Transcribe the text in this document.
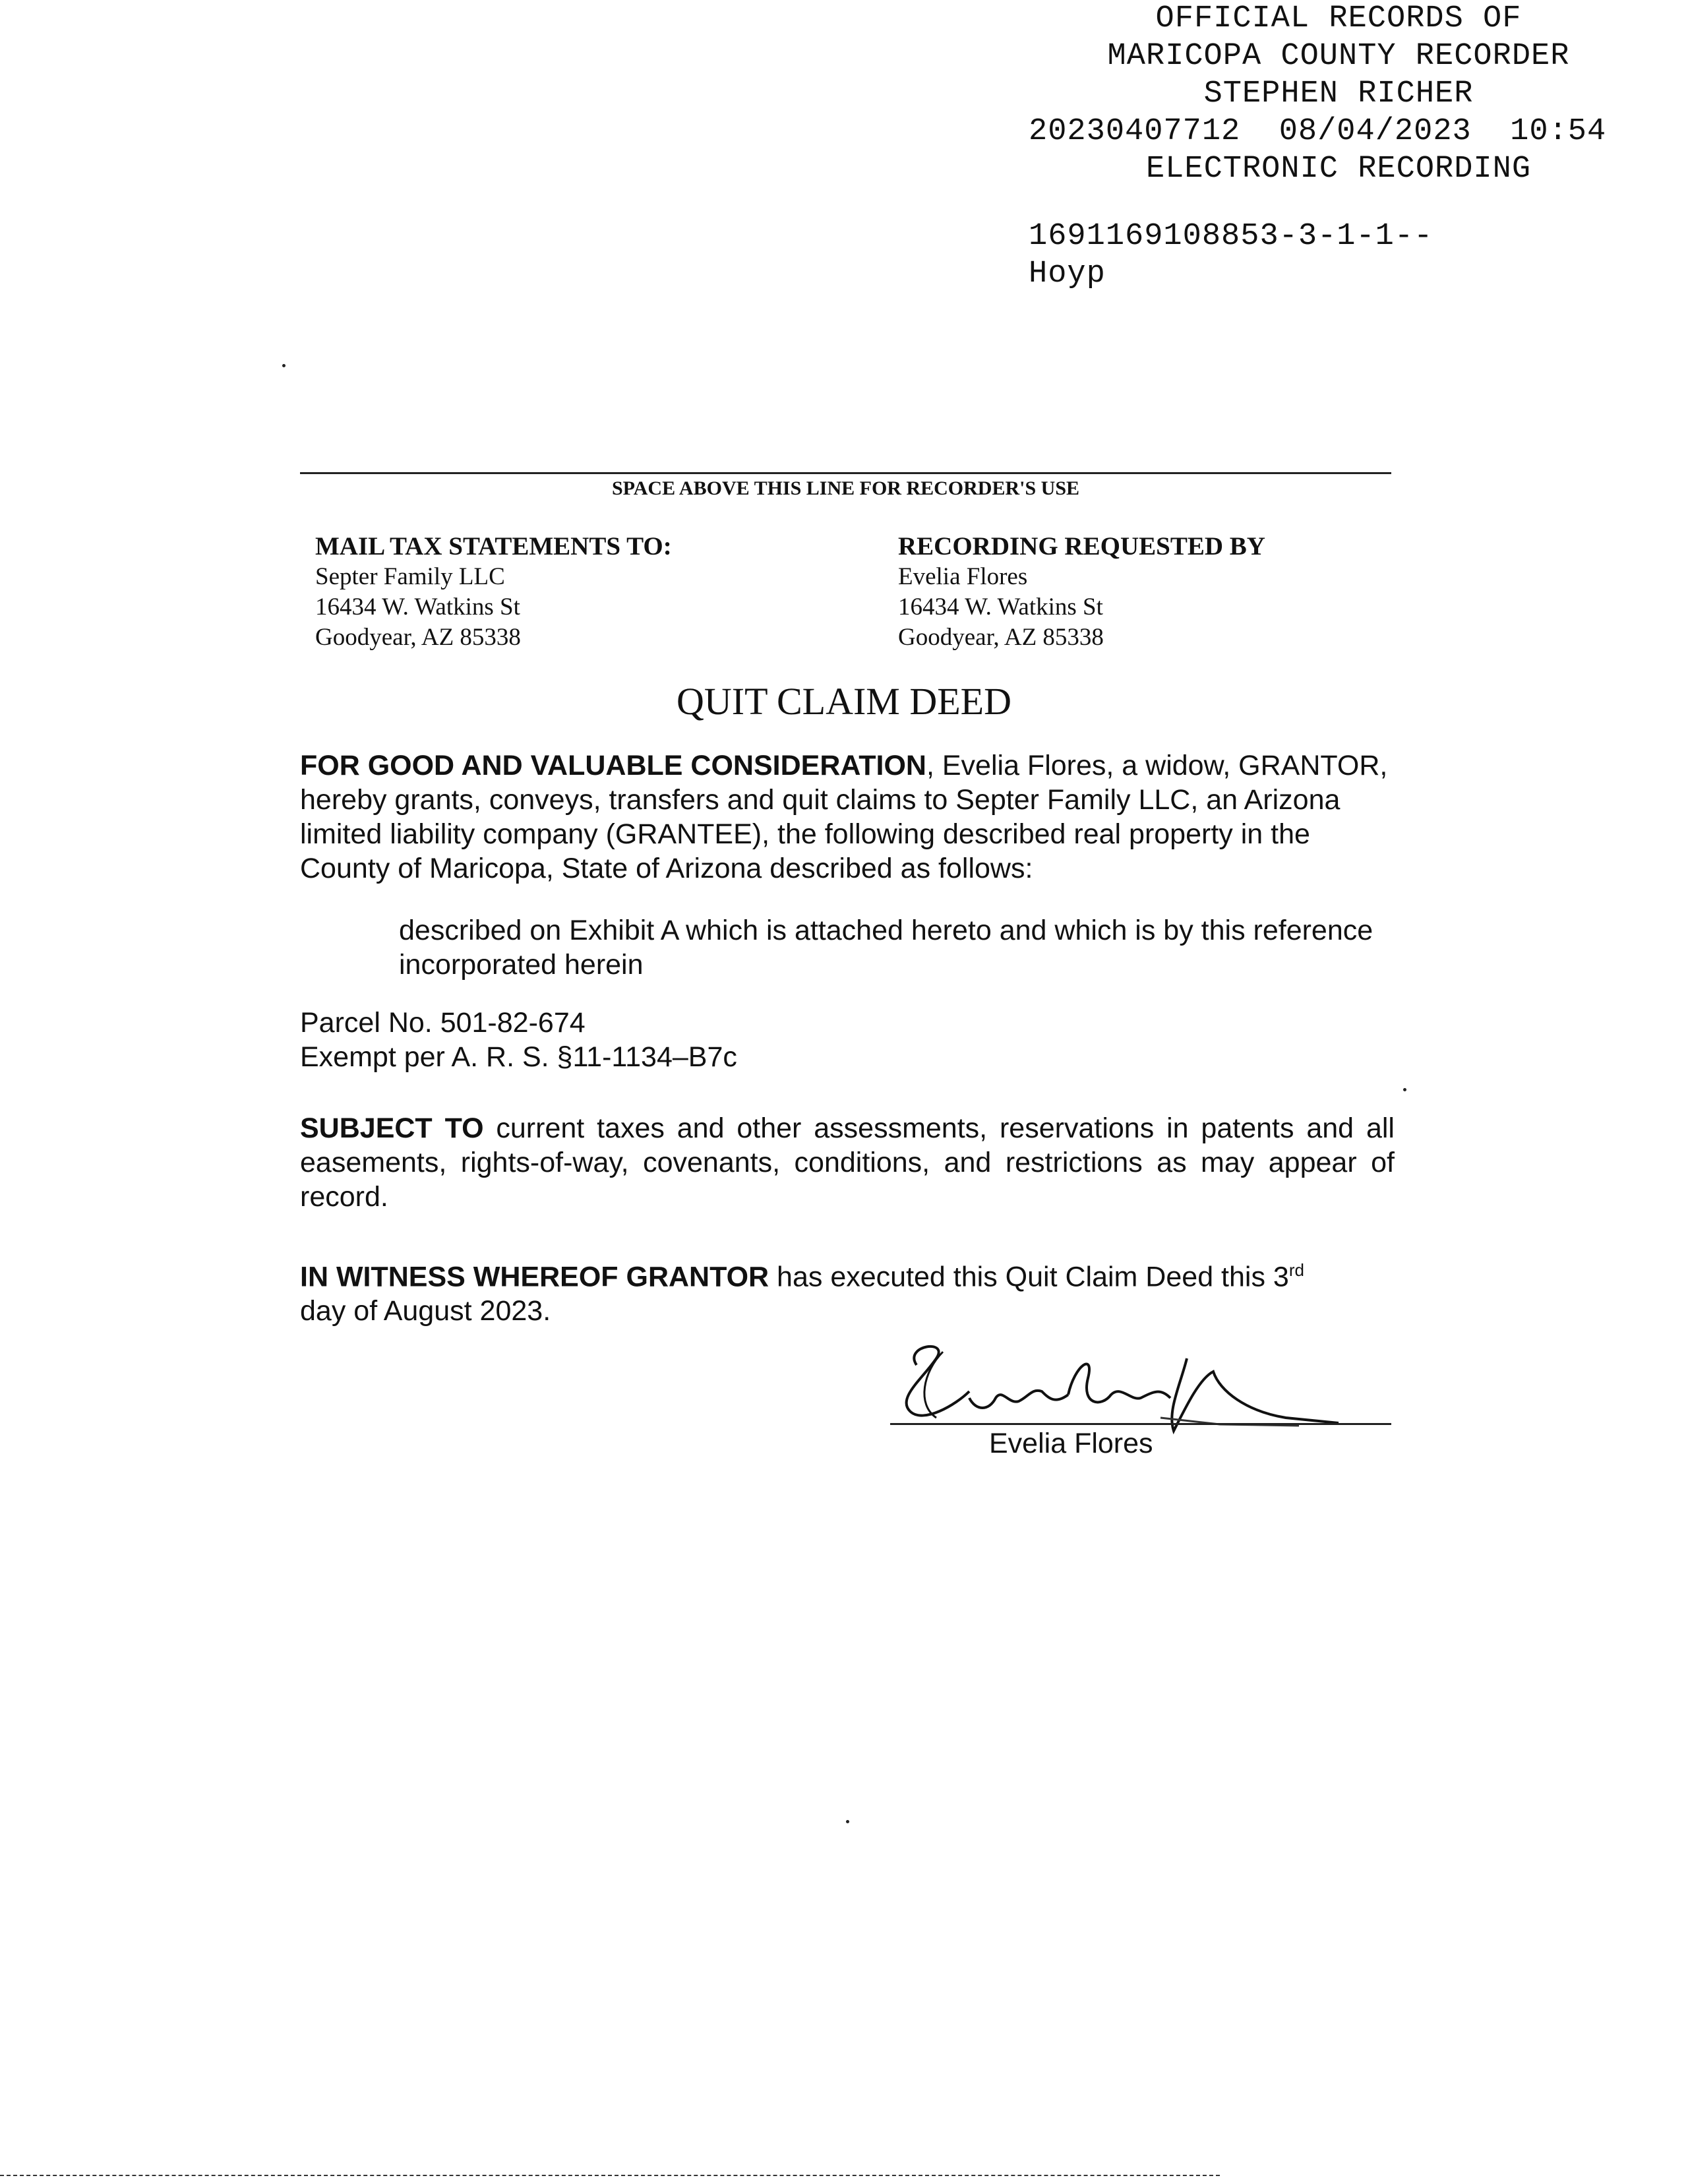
OFFICIAL RECORDS OF
MARICOPA COUNTY RECORDER
STEPHEN RICHER
20230407712 08/04/2023 10:54
ELECTRONIC RECORDING
1691169108853-3-1-1--
Hoyp
SPACE ABOVE THIS LINE FOR RECORDER'S USE
MAIL TAX STATEMENTS TO:
Septer Family LLC
16434 W. Watkins St
Goodyear, AZ 85338
RECORDING REQUESTED BY
Evelia Flores
16434 W. Watkins St
Goodyear, AZ 85338
QUIT CLAIM DEED
FOR GOOD AND VALUABLE CONSIDERATION, Evelia Flores, a widow, GRANTOR, hereby grants, conveys, transfers and quit claims to Septer Family LLC, an Arizona limited liability company (GRANTEE), the following described real property in the County of Maricopa, State of Arizona described as follows:
described on Exhibit A which is attached hereto and which is by this reference incorporated herein
Parcel No. 501-82-674
Exempt per A. R. S. §11-1134–B7c
SUBJECT TO current taxes and other assessments, reservations in patents and all easements, rights-of-way, covenants, conditions, and restrictions as may appear of record.
IN WITNESS WHEREOF GRANTOR has executed this Quit Claim Deed this 3rd
day of August 2023.
Evelia Flores
